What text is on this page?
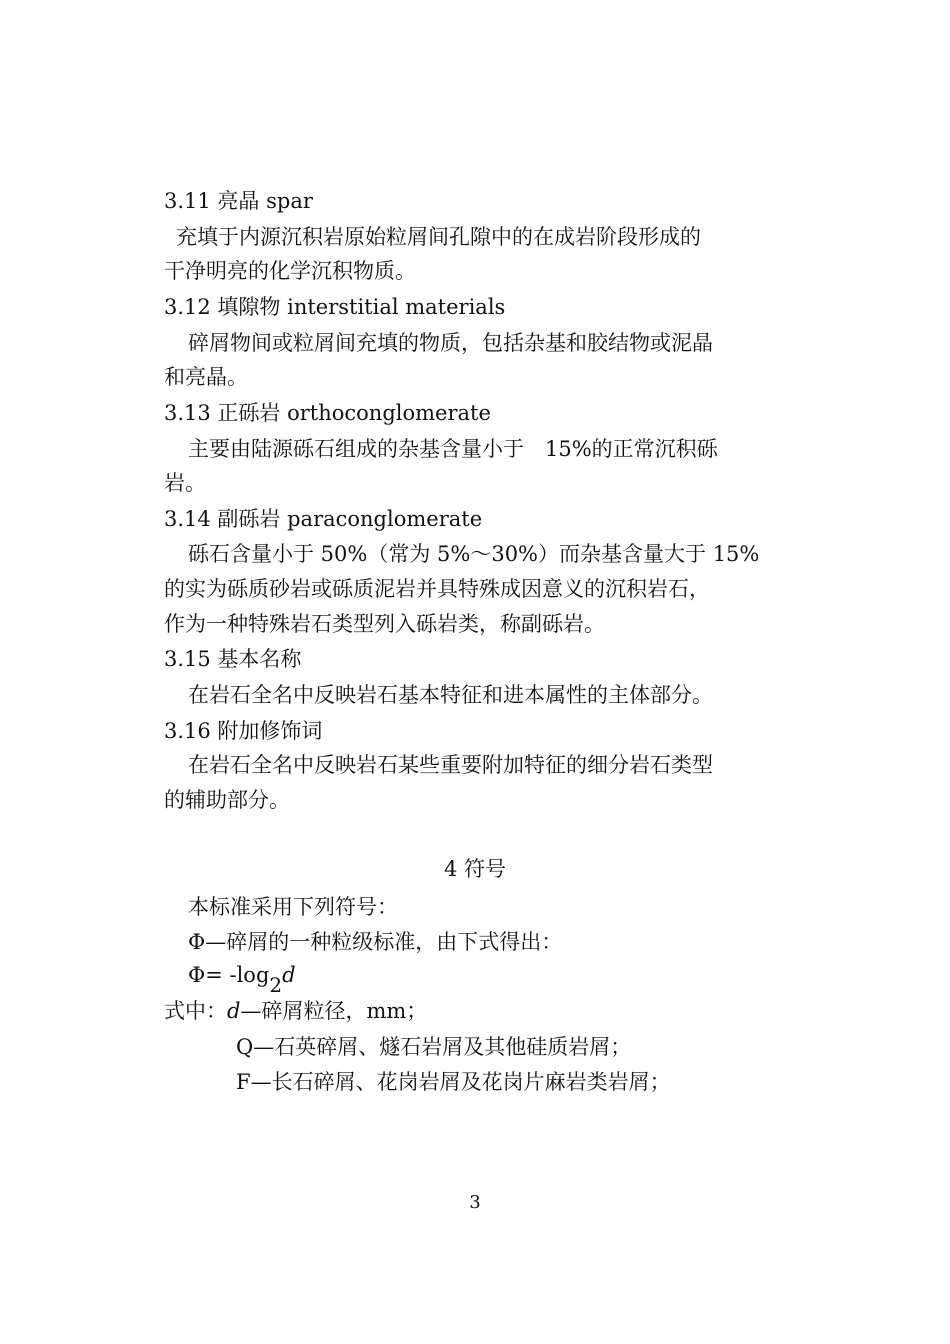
3.11 亮晶 spar
充填于内源沉积岩原始粒屑间孔隙中的在成岩阶段形成的
干净明亮的化学沉积物质。
3.12 填隙物 interstitial materials
碎屑物间或粒屑间充填的物质，包括杂基和胶结物或泥晶
和亮晶。
3.13 正砾岩 orthoconglomerate
主要由陆源砾石组成的杂基含量小于　15%的正常沉积砾
岩。
3.14 副砾岩 paraconglomerate
砾石含量小于 50%（常为 5%～30%）而杂基含量大于 15%
的实为砾质砂岩或砾质泥岩并具特殊成因意义的沉积岩石，
作为一种特殊岩石类型列入砾岩类，称副砾岩。
3.15 基本名称
在岩石全名中反映岩石基本特征和进本属性的主体部分。
3.16 附加修饰词
在岩石全名中反映岩石某些重要附加特征的细分岩石类型
的辅助部分。
4 符号
本标准采用下列符号：
Φ—碎屑的一种粒级标准，由下式得出：
Φ= -log2d
式中：d—碎屑粒径，mm；
Q—石英碎屑、燧石岩屑及其他硅质岩屑；
F—长石碎屑、花岗岩屑及花岗片麻岩类岩屑；
3
